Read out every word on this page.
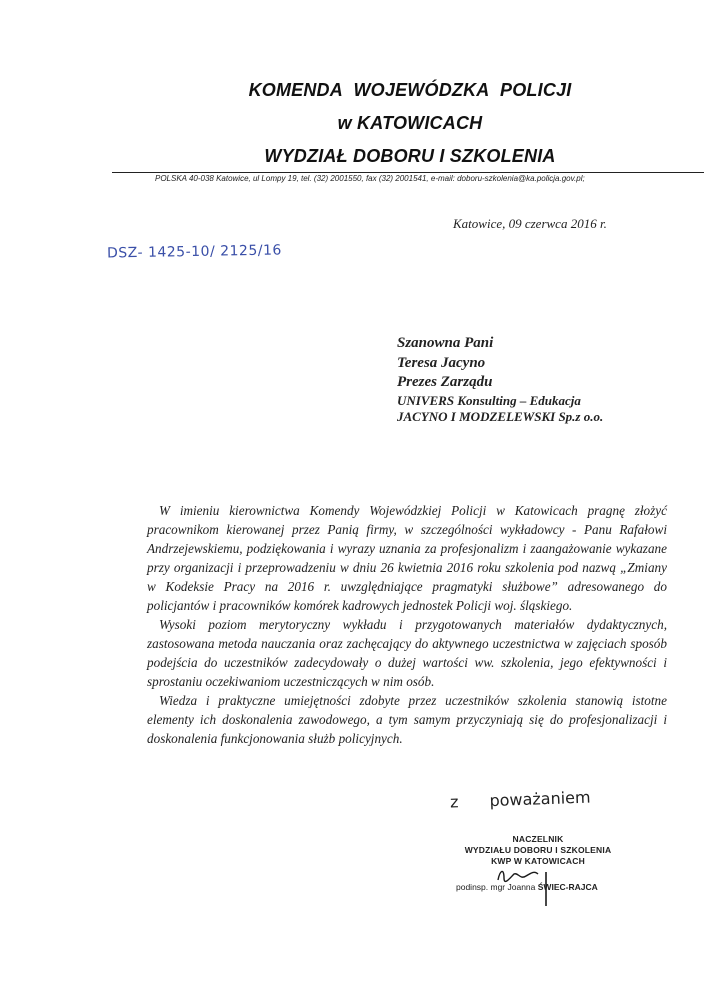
KOMENDA WOJEWÓDZKA POLICJI
w KATOWICACH
WYDZIAŁ DOBORU I SZKOLENIA
POLSKA 40-038 Katowice, ul Lompy 19, tel. (32) 2001550, fax (32) 2001541, e-mail: doboru-szkolenia@ka.policja.gov.pl;
Katowice, 09 czerwca 2016 r.
DSZ- 1425-10/ 2125/16
Szanowna Pani
Teresa Jacyno
Prezes Zarządu
UNIVERS Konsulting – Edukacja
JACYNO I MODZELEWSKI Sp.z o.o.

W imieniu kierownictwa Komendy Wojewódzkiej Policji w Katowicach pragnę złożyć pracownikom kierowanej przez Panią firmy, w szczególności wykładowcy - Panu Rafałowi Andrzejewskiemu, podziękowania i wyrazy uznania za profesjonalizm i zaangażowanie wykazane przy organizacji i przeprowadzeniu w dniu 26 kwietnia 2016 roku szkolenia pod nazwą „Zmiany w Kodeksie Pracy na 2016 r. uwzględniające pragmatyki służbowe” adresowanego do policjantów i pracowników komórek kadrowych jednostek Policji woj. śląskiego.

Wysoki poziom merytoryczny wykładu i przygotowanych materiałów dydaktycznych, zastosowana metoda nauczania oraz zachęcający do aktywnego uczestnictwa w zajęciach sposób podejścia do uczestników zadecydowały o dużej wartości ww. szkolenia, jego efektywności i sprostaniu oczekiwaniom uczestniczących w nim osób.

Wiedza i praktyczne umiejętności zdobyte przez uczestników szkolenia stanowią istotne elementy ich doskonalenia zawodowego, a tym samym przyczyniają się do profesjonalizacji i doskonalenia funkcjonowania służb policyjnych.

z poważaniem
NACZELNIK
WYDZIAŁU DOBORU I SZKOLENIA
KWP W KATOWICACH
podinsp. mgr Joanna ŚWIEC-RAJCA
